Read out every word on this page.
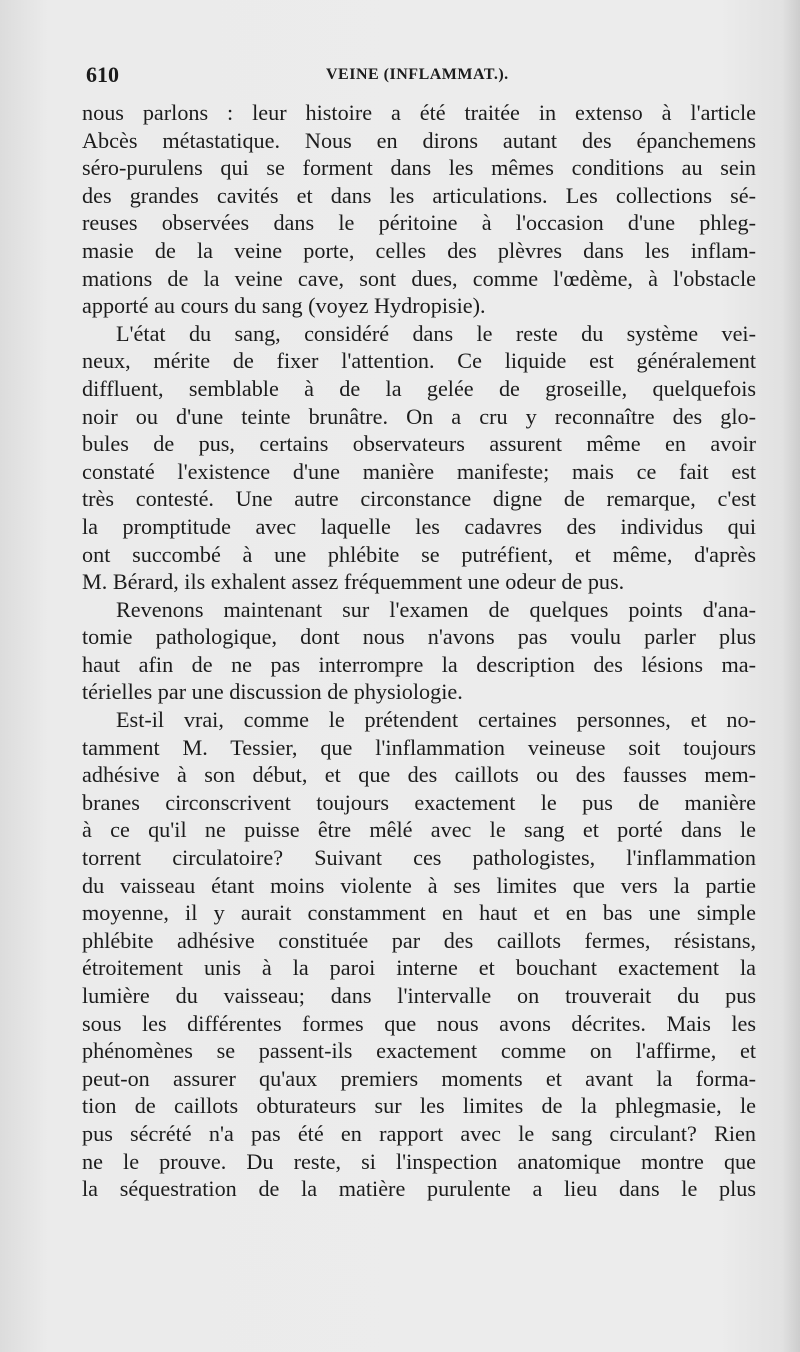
610	VEINE (INFLAMMAT.).

nous parlons : leur histoire a été traitée in extenso à l'article

Abcès métastatique. Nous en dirons autant des épanchemens

séro-purulens qui se forment dans les mêmes conditions au sein

des grandes cavités et dans les articulations. Les collections sé-

reuses observées dans le péritoine à l'occasion d'une phleg-

masie de la veine porte, celles des plèvres dans les inflam-

mations de la veine cave, sont dues, comme l'œdème, à l'obstacle

apporté au cours du sang (voyez Hydropisie).

L'état du sang, considéré dans le reste du système vei-

neux, mérite de fixer l'attention. Ce liquide est généralement

diffluent, semblable à de la gelée de groseille, quelquefois

noir ou d'une teinte brunâtre. On a cru y reconnaître des glo-

bules de pus, certains observateurs assurent même en avoir

constaté l'existence d'une manière manifeste; mais ce fait est

très contesté. Une autre circonstance digne de remarque, c'est

la promptitude avec laquelle les cadavres des individus qui

ont succombé à une phlébite se putréfient, et même, d'après

M. Bérard, ils exhalent assez fréquemment une odeur de pus.

Revenons maintenant sur l'examen de quelques points d'ana-

tomie pathologique, dont nous n'avons pas voulu parler plus

haut afin de ne pas interrompre la description des lésions ma-

térielles par une discussion de physiologie.

Est-il vrai, comme le prétendent certaines personnes, et no-

tamment M. Tessier, que l'inflammation veineuse soit toujours

adhésive à son début, et que des caillots ou des fausses mem-

branes circonscrivent toujours exactement le pus de manière

à ce qu'il ne puisse être mêlé avec le sang et porté dans le

torrent circulatoire? Suivant ces pathologistes, l'inflammation

du vaisseau étant moins violente à ses limites que vers la partie

moyenne, il y aurait constamment en haut et en bas une simple

phlébite adhésive constituée par des caillots fermes, résistans,

étroitement unis à la paroi interne et bouchant exactement la

lumière du vaisseau; dans l'intervalle on trouverait du pus

sous les différentes formes que nous avons décrites. Mais les

phénomènes se passent-ils exactement comme on l'affirme, et

peut-on assurer qu'aux premiers moments et avant la forma-

tion de caillots obturateurs sur les limites de la phlegmasie, le

pus sécrété n'a pas été en rapport avec le sang circulant? Rien

ne le prouve. Du reste, si l'inspection anatomique montre que

la séquestration de la matière purulente a lieu dans le plus
